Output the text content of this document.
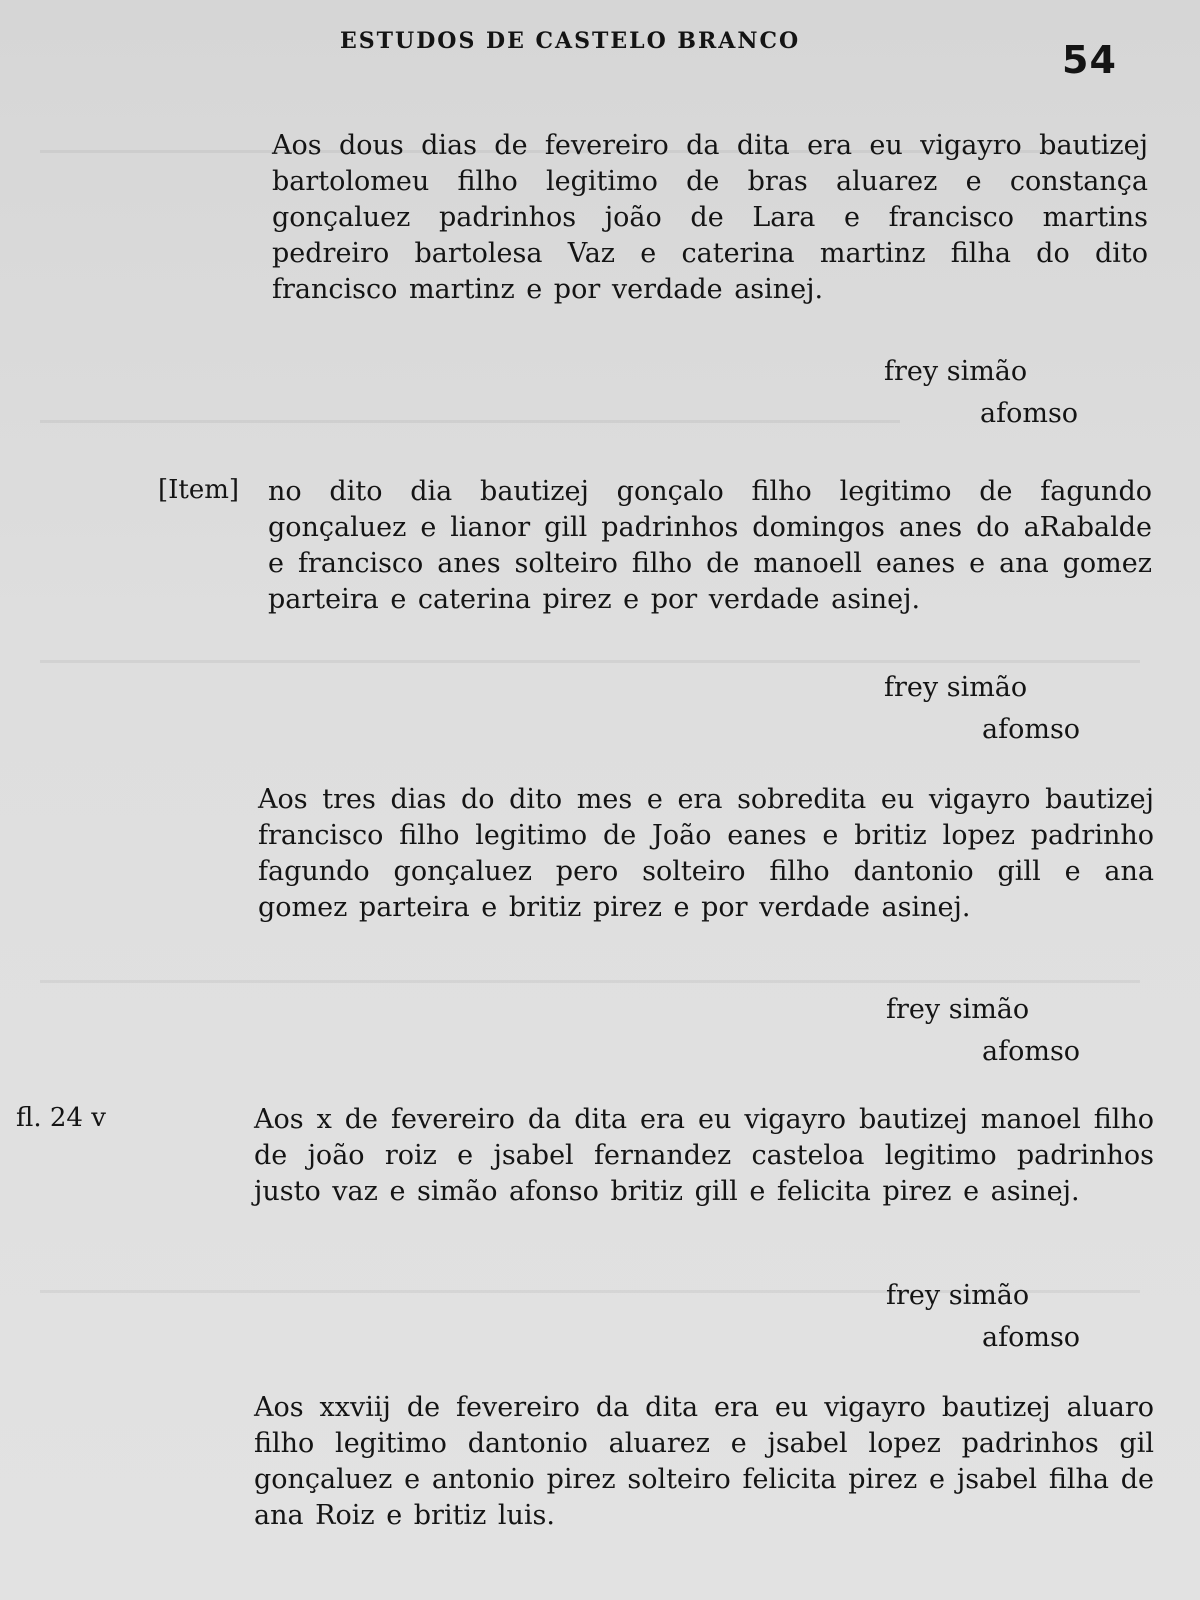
ESTUDOS DE CASTELO BRANCO	54

Aos dous dias de fevereiro da dita era eu vigayro bautizej bartolomeu filho legitimo de bras aluarez e constança gonçaluez padrinhos joão de Lara e francisco martins pedreiro bartolesa Vaz e caterina martinz filha do dito francisco martinz e por verdade asinej.

frey simão
afomso
[Item] no dito dia bautizej gonçalo filho legitimo de fagundo gonçaluez e lianor gill padrinhos domingos anes do aRabalde e francisco anes solteiro filho de manoell eanes e ana gomez parteira e caterina pirez e por verdade asinej.

frey simão
afomso

Aos tres dias do dito mes e era sobredita eu vigayro bautizej francisco filho legitimo de João eanes e britiz lopez padrinho fagundo gonçaluez pero solteiro filho dantonio gill e ana gomez parteira e britiz pirez e por verdade asinej.

frey simão
afomso
fl. 24 v	Aos x de fevereiro da dita era eu vigayro bautizej manoel filho de joão roiz e jsabel fernandez casteloa legitimo padrinhos justo vaz e simão afonso britiz gill e felicita pirez e asinej.

frey simão
afomso

Aos xxviij de fevereiro da dita era eu vigayro bautizej aluaro filho legitimo dantonio aluarez e jsabel lopez padrinhos gil gonçaluez e antonio pirez solteiro felicita pirez e jsabel filha de ana Roiz e britiz luis.
